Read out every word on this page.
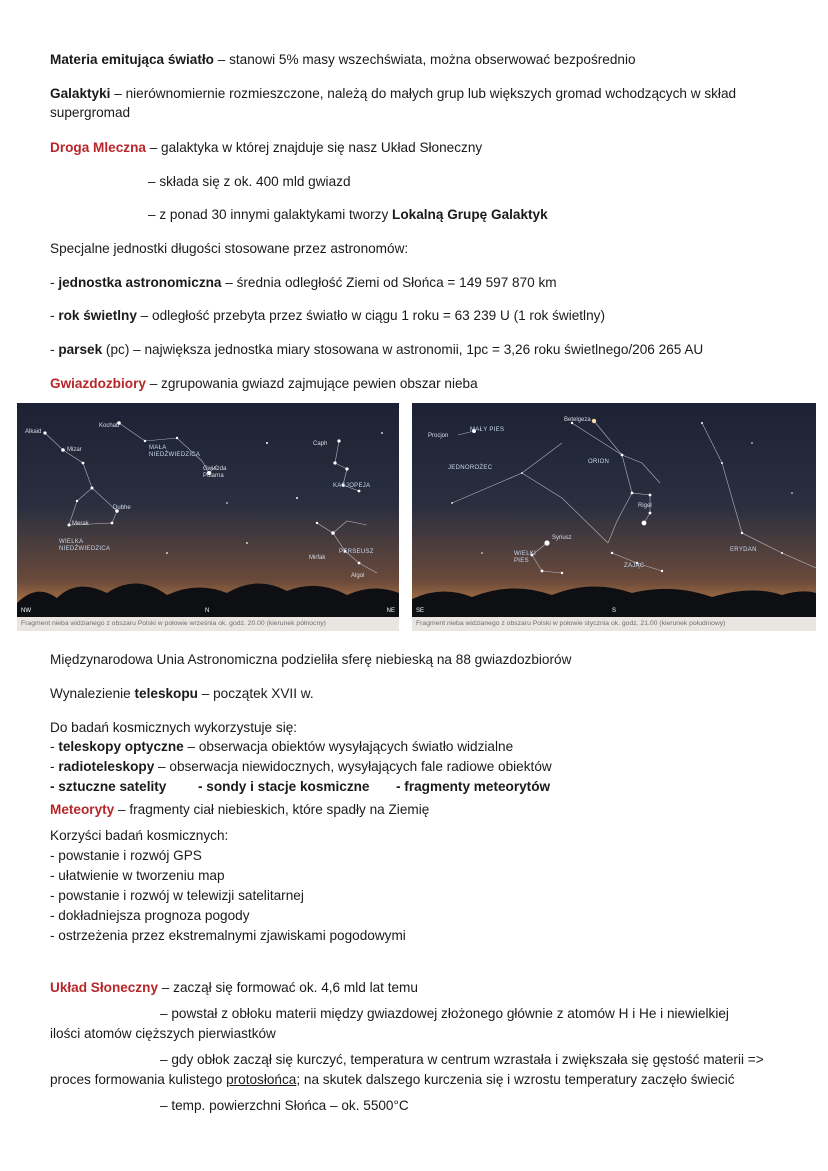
Materia emitująca światło – stanowi 5% masy wszechświata, można obserwować bezpośrednio
Galaktyki – nierównomiernie rozmieszczone, należą do małych grup lub większych gromad wchodzących w skład supergromad
Droga Mleczna – galaktyka w której znajduje się nasz Układ Słoneczny
– składa się z ok. 400 mld gwiazd
– z ponad 30 innymi galaktykami tworzy Lokalną Grupę Galaktyk
Specjalne jednostki długości stosowane przez astronomów:
- jednostka astronomiczna – średnia odległość Ziemi od Słońca = 149 597 870 km
- rok świetlny – odległość przebyta przez światło w ciągu 1 roku = 63 239 U (1 rok świetlny)
- parsek (pc) – największa jednostka miary stosowana w astronomii, 1pc = 3,26 roku świetlnego/206 265 AU
Gwiazdozbiory – zgrupowania gwiazd zajmujące pewien obszar nieba
Alkaid
Mizar
Kochab
Gwiazda Polarna
Dubhe
Merak
Caph
Mirfak
Algol
MAŁA NIEDŹWIEDZICA
WIELKA NIEDŹWIEDZICA
KASJOPEJA
PERSEUSZ
NW	N	NE
Fragment nieba widzianego z obszaru Polski w połowie września ok. godz. 20.00 (kierunek północny)
Procjon
Betelgeza
Rigel
Syriusz
MAŁY PIES
JEDNOROŻEC
ORION
WIELKI PIES
ZAJĄC
ERYDAN
SE	S
Fragment nieba widzianego z obszaru Polski w połowie stycznia ok. godz. 21.00 (kierunek południowy)
Międzynarodowa Unia Astronomiczna podzieliła sferę niebieską na 88 gwiazdozbiorów
Wynalezienie teleskopu – początek XVII w.
Do badań kosmicznych wykorzystuje się:
- teleskopy optyczne – obserwacja obiektów wysyłających światło widzialne
- radioteleskopy – obserwacja niewidocznych, wysyłających fale radiowe obiektów
- sztuczne satelity	- sondy i stacje kosmiczne	- fragmenty meteorytów
Meteoryty – fragmenty ciał niebieskich, które spadły na Ziemię
Korzyści badań kosmicznych:
- powstanie i rozwój GPS
- ułatwienie w tworzeniu map
- powstanie i rozwój w telewizji satelitarnej
- dokładniejsza prognoza pogody
- ostrzeżenia przez ekstremalnymi zjawiskami pogodowymi
Układ Słoneczny – zaczął się formować ok. 4,6 mld lat temu
– powstał z obłoku materii między gwiazdowej złożonego głównie z atomów H i He i niewielkiej
ilości atomów cięższych pierwiastków
– gdy obłok zaczął się kurczyć, temperatura w centrum wzrastała i zwiększała się gęstość materii =>
proces formowania kulistego protosłońca; na skutek dalszego kurczenia się i wzrostu temperatury zaczęło świecić
– temp. powierzchni Słońca – ok. 5500°C
